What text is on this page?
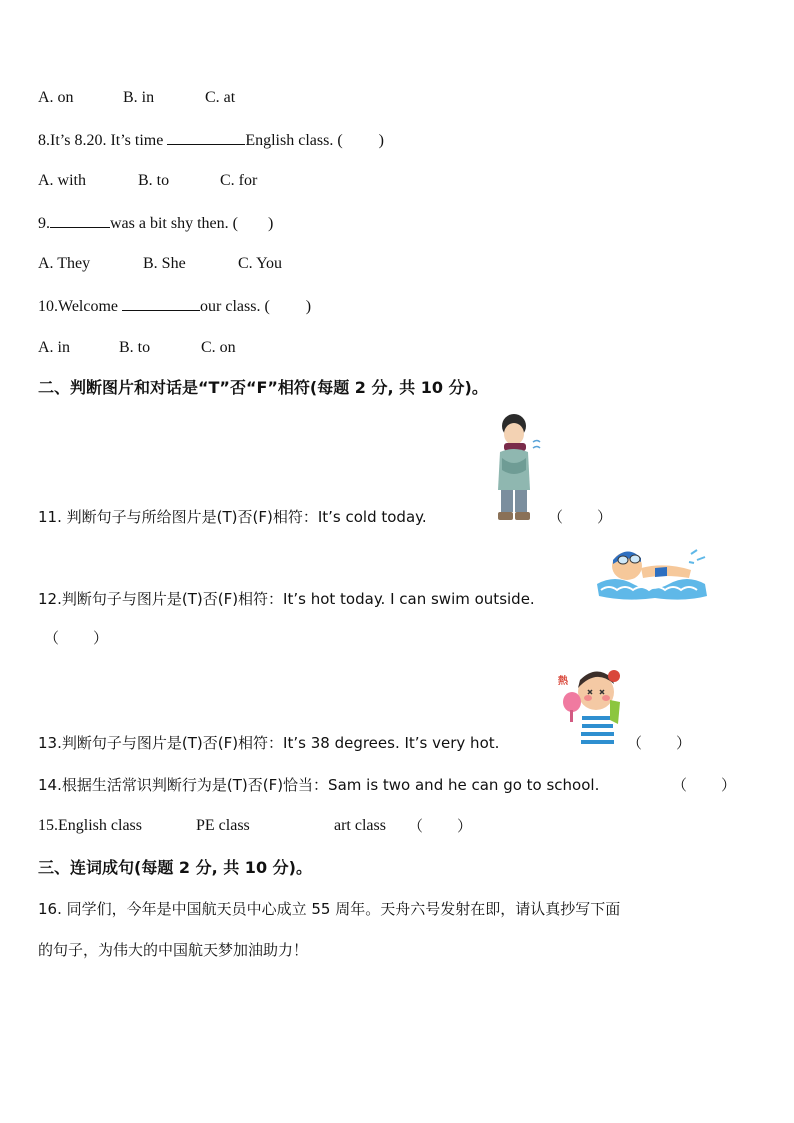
A. on	B. in	C. at
8.It’s 8.20. It’s time	English class. ( )
A. with	B. to	C. for
9.	was a bit shy then. ( )
A. They	B. She	C. You
10.Welcome	our class. ( )
A. in	B. to	C. on
二、判断图片和对话是“T”否“F”相符(每题 2 分, 共 10 分)。
11. 判断句子与所给图片是(T)否(F)相符：It’s cold today.	（ ）
12.判断句子与图片是(T)否(F)相符：It’s hot today. I can swim outside.
（ ）
熱
13.判断句子与图片是(T)否(F)相符：It’s 38 degrees. It’s very hot.	（ ）
14.根据生活常识判断行为是(T)否(F)恰当：Sam is two and he can go to school.	（ ）
15.English class	PE class	art class （ ）
三、连词成句(每题 2 分, 共 10 分)。
16. 同学们，今年是中国航天员中心成立 55 周年。天舟六号发射在即，请认真抄写下面
的句子，为伟大的中国航天梦加油助力！
